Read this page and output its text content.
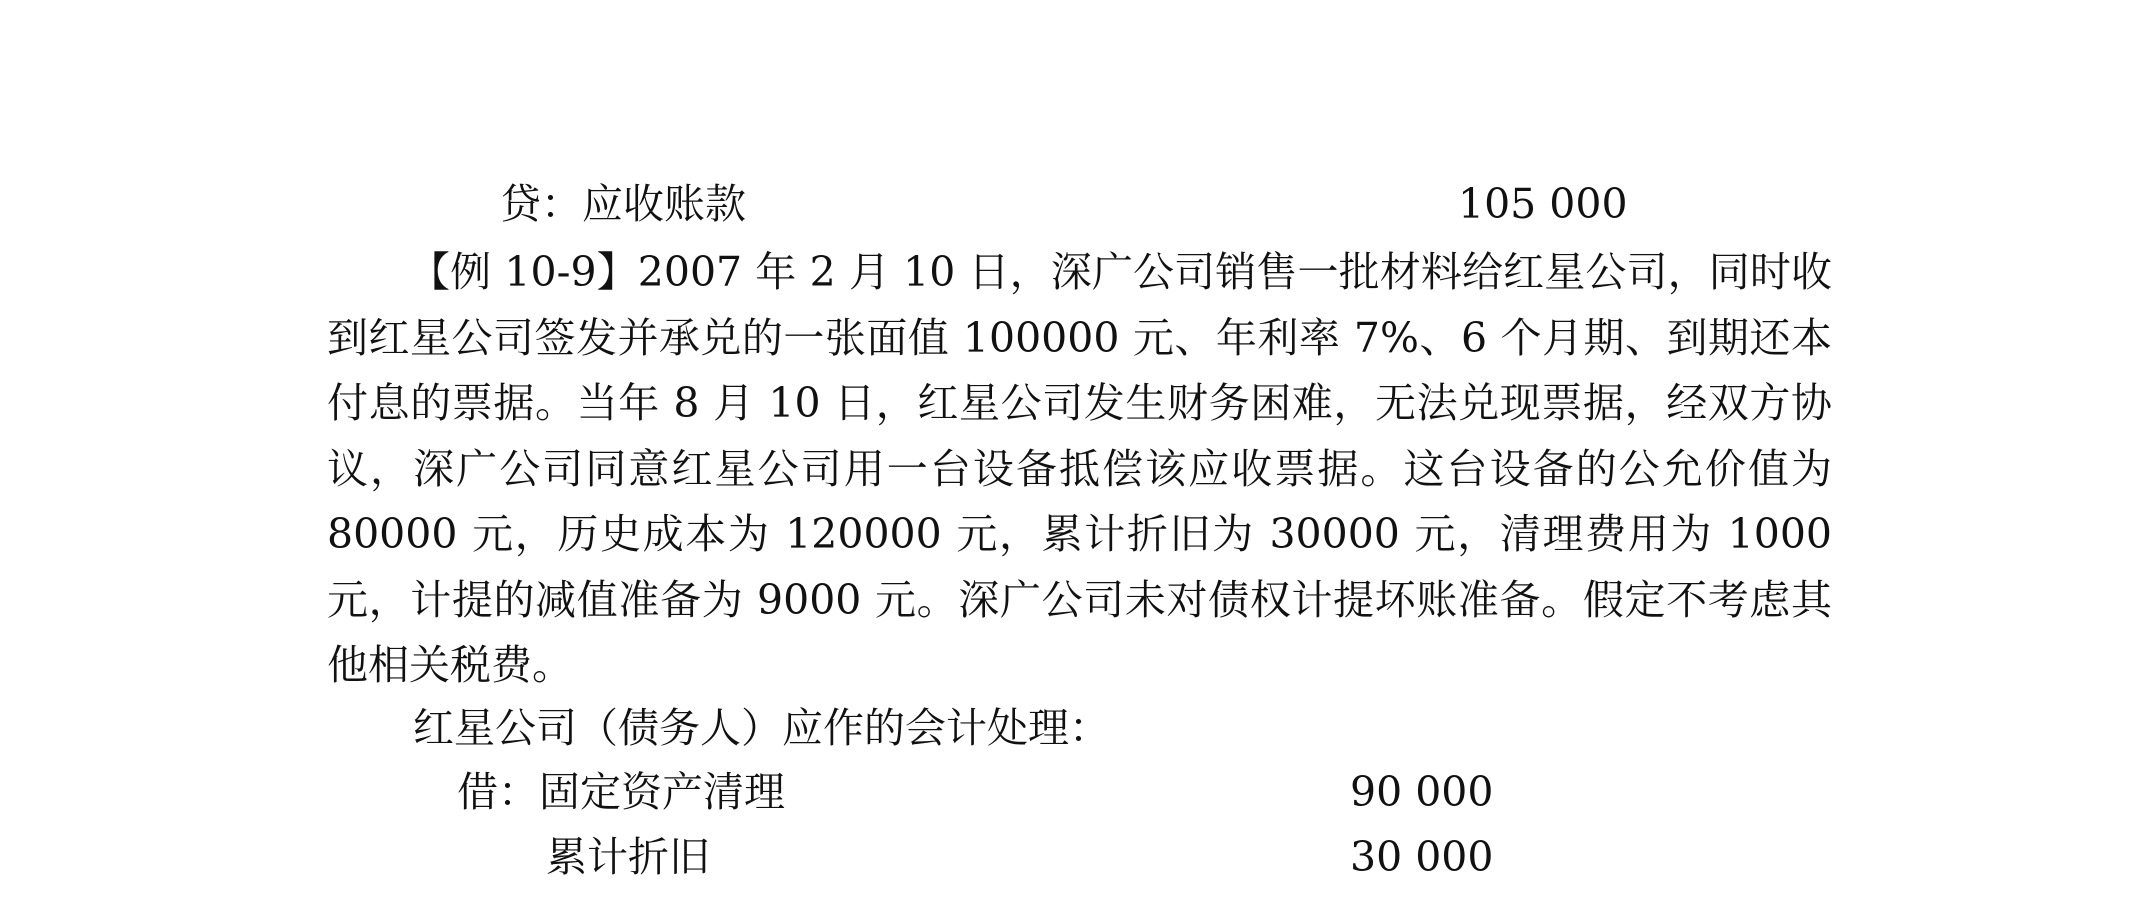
贷：应收账款	105 000
【例 10-9】2007 年 2 月 10 日，深广公司销售一批材料给红星公司，同时收到红星公司签发并承兑的一张面值 100000 元、年利率 7%、6 个月期、到期还本付息的票据。当年 8 月 10 日，红星公司发生财务困难，无法兑现票据，经双方协议，深广公司同意红星公司用一台设备抵偿该应收票据。这台设备的公允价值为 80000 元，历史成本为 120000 元，累计折旧为 30000 元，清理费用为 1000 元，计提的减值准备为 9000 元。深广公司未对债权计提坏账准备。假定不考虑其他相关税费。
红星公司（债务人）应作的会计处理：
借：固定资产清理	90 000
累计折旧	30 000
